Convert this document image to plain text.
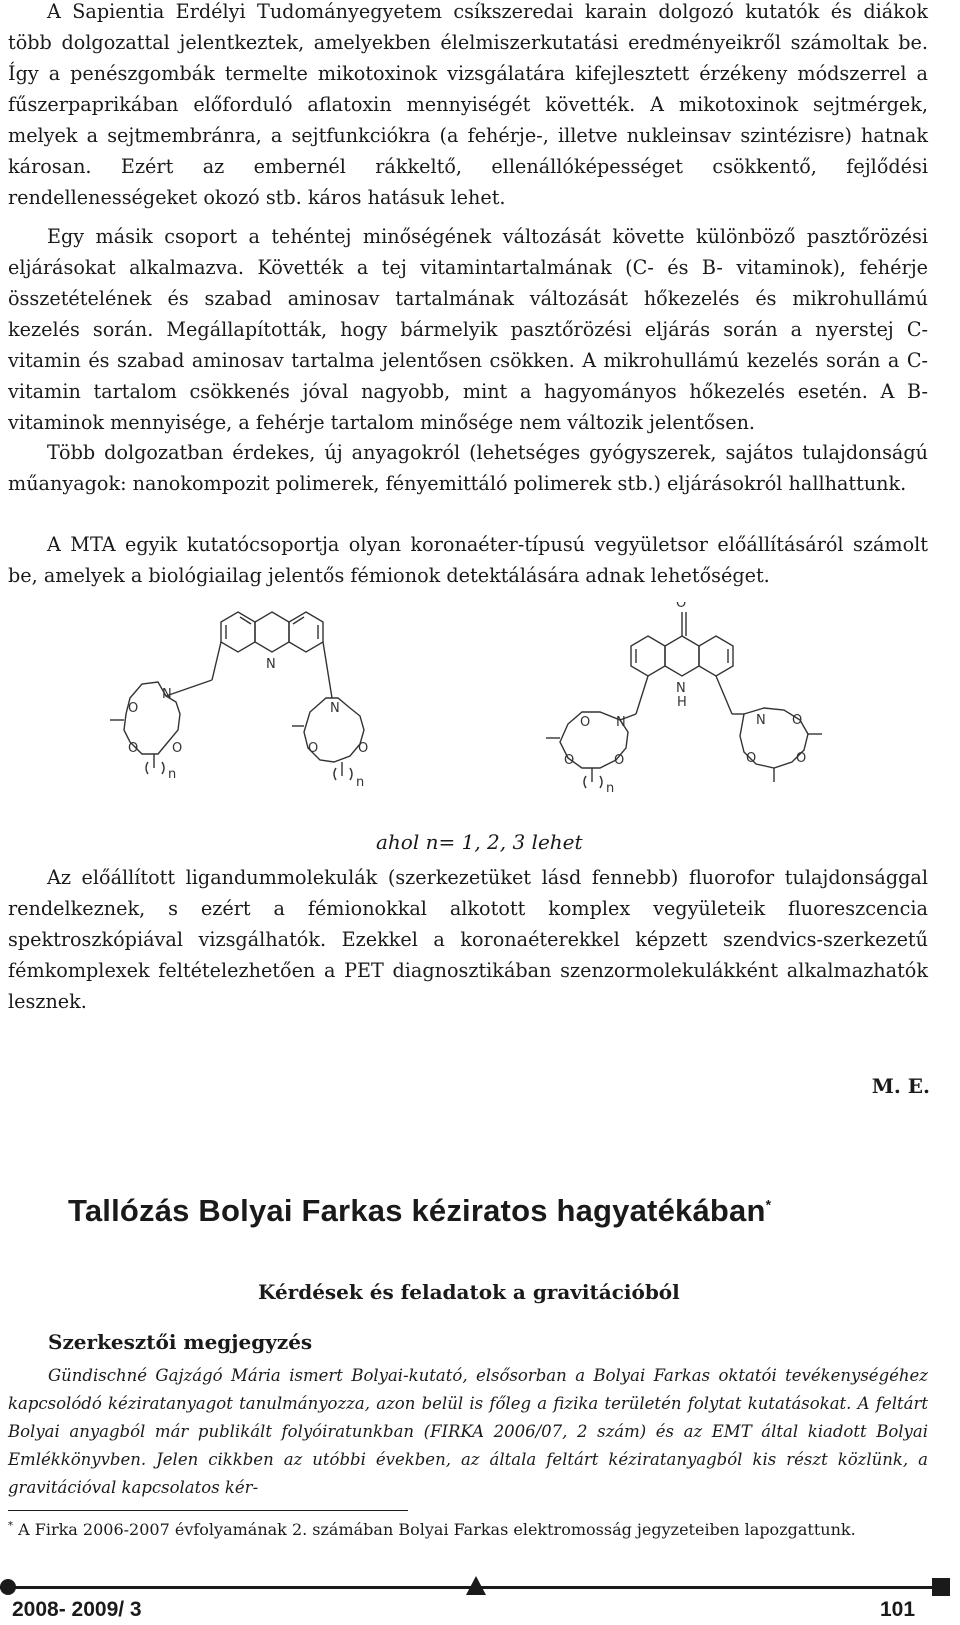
A Sapientia Erdélyi Tudományegyetem csíkszeredai karain dolgozó kutatók és diákok több dolgozattal jelentkeztek, amelyekben élelmiszerkutatási eredményeikről számoltak be. Így a penészgombák termelte mikotoxinok vizsgálatára kifejlesztett érzékeny módszerrel a fűszerpaprikában előforduló aflatoxin mennyiségét követték. A mikotoxinok sejtmérgek, melyek a sejtmembránra, a sejtfunkciókra (a fehérje-, illetve nukleinsav szintézisre) hatnak károsan. Ezért az embernél rákkeltő, ellenállóképességet csökkentő, fejlődési rendellenességeket okozó stb. káros hatásuk lehet.

Egy másik csoport a tehéntej minőségének változását követte különböző pasztőrözési eljárásokat alkalmazva. Követték a tej vitamintartalmának (C- és B- vitaminok), fehérje összetételének és szabad aminosav tartalmának változását hőkezelés és mikrohullámú kezelés során. Megállapították, hogy bármelyik pasztőrözési eljárás során a nyerstej C-vitamin és szabad aminosav tartalma jelentősen csökken. A mikrohullámú kezelés során a C-vitamin tartalom csökkenés jóval nagyobb, mint a hagyományos hőkezelés esetén. A B-vitaminok mennyisége, a fehérje tartalom minősége nem változik jelentősen.

Több dolgozatban érdekes, új anyagokról (lehetséges gyógyszerek, sajátos tulajdonságú műanyagok: nanokompozit polimerek, fényemittáló polimerek stb.) eljárásokról hallhattunk.

A MTA egyik kutatócsoportja olyan koronaéter-típusú vegyületsor előállításáról számolt be, amelyek a biológiailag jelentős fémionok detektálására adnak lehetőséget.

N
O
N
H
N
O
O	O
n
N
O	O
n
N
O
O	O
n
N O
O	O
ahol n= 1, 2, 3 lehet

Az előállított ligandummolekulák (szerkezetüket lásd fennebb) fluorofor tulajdonsággal rendelkeznek, s ezért a fémionokkal alkotott komplex vegyületeik fluoreszcencia spektroszkópiával vizsgálhatók. Ezekkel a koronaéterekkel képzett szendvics-szerkezetű fémkomplexek feltételezhetően a PET diagnosztikában szenzormolekulákként alkalmazhatók lesznek.

M. E.
Tallózás Bolyai Farkas kéziratos hagyatékában*
Kérdések és feladatok a gravitációból
Szerkesztői megjegyzés

Gündischné Gajzágó Mária ismert Bolyai-kutató, elsősorban a Bolyai Farkas oktatói tevékenységéhez kapcsolódó kéziratanyagot tanulmányozza, azon belül is főleg a fizika területén folytat kutatásokat. A feltárt Bolyai anyagból már publikált folyóiratunkban (FIRKA 2006/07, 2 szám) és az EMT által kiadott Bolyai Emlékkönyvben. Jelen cikkben az utóbbi években, az általa feltárt kéziratanyagból kis részt közlünk, a gravitációval kapcsolatos kér-

* A Firka 2006-2007 évfolyamának 2. számában Bolyai Farkas elektromosság jegyzeteiben lapozgattunk.
2008- 2009/ 3	101
